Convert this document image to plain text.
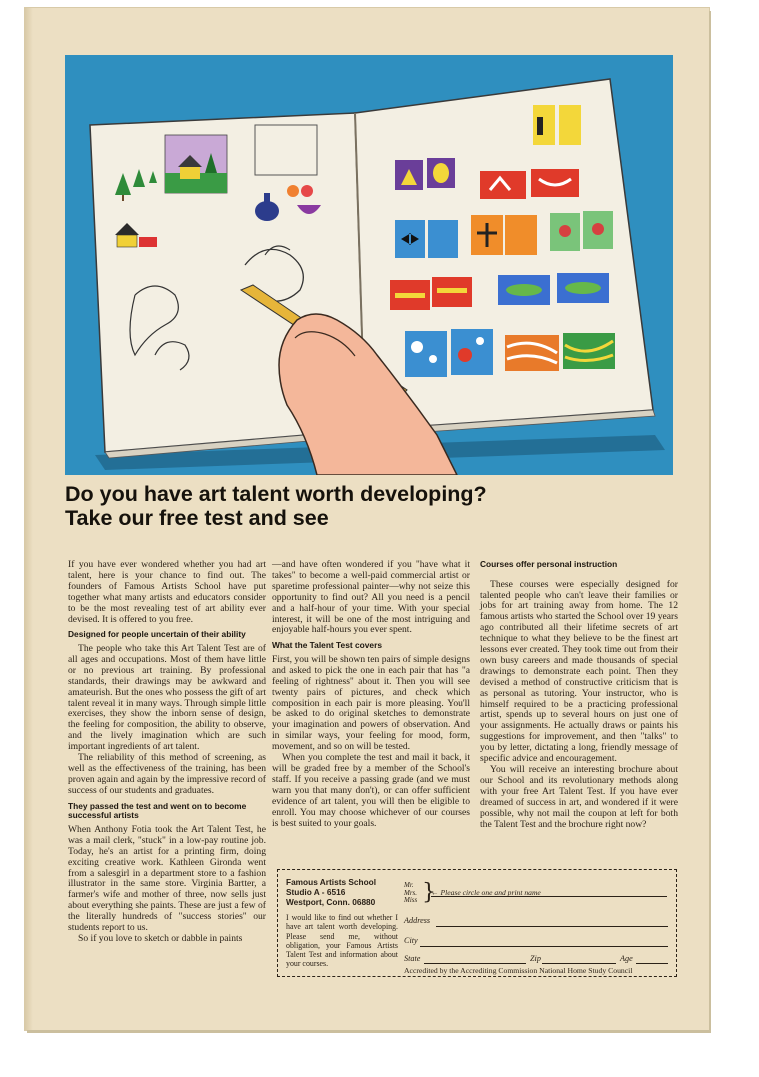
Do you have art talent worth developing?
Take our free test and see

If you have ever wondered whether you had art talent, here is your chance to find out. The founders of Famous Artists School have put together what many artists and educators consider to be the most revealing test of art ability ever devised. It is offered to you free.

Designed for people uncertain of their ability

The people who take this Art Talent Test are of all ages and occupations. Most of them have little or no previous art training. By professional standards, their drawings may be awkward and amateurish. But the ones who possess the gift of art talent reveal it in many ways. Through simple little exercises, they show the inborn sense of design, the feeling for composition, the ability to observe, and the lively imagination which are such important ingredients of art talent.

The reliability of this method of screening, as well as the effectiveness of the training, has been proven again and again by the impressive record of success of our students and graduates.

They passed the test and went on to become successful artists

When Anthony Fotia took the Art Talent Test, he was a mail clerk, "stuck" in a low-pay routine job. Today, he's an artist for a printing firm, doing exciting creative work. Kathleen Gironda went from a salesgirl in a department store to a fashion illustrator in the same store. Virginia Bartter, a farmer's wife and mother of three, now sells just about everything she paints. These are just a few of the literally hundreds of "success stories" our students report to us.

So if you love to sketch or dabble in paints

—and have often wondered if you "have what it takes" to become a well-paid commercial artist or sparetime professional painter—why not seize this opportunity to find out? All you need is a pencil and a half-hour of your time. With your special interest, it will be one of the most intriguing and enjoyable half-hours you ever spent.

What the Talent Test covers

First, you will be shown ten pairs of simple designs and asked to pick the one in each pair that has "a feeling of rightness" about it. Then you will see twenty pairs of pictures, and check which composition in each pair is more pleasing. You'll be asked to do original sketches to demonstrate your imagination and powers of observation. And in similar ways, your feeling for mood, form, movement, and so on will be tested.

When you complete the test and mail it back, it will be graded free by a member of the School's staff. If you receive a passing grade (and we must warn you that many don't), or can offer sufficient evidence of art talent, you will then be eligible to enroll. You may choose whichever of our courses is best suited to your goals.

Courses offer personal instruction

These courses were especially designed for talented people who can't leave their families or jobs for art training away from home. The 12 famous artists who started the School over 19 years ago contributed all their lifetime secrets of art technique to what they believe to be the finest art lessons ever created. They took time out from their own busy careers and made thousands of special drawings to demonstrate each point. Then they devised a method of constructive criticism that is as personal as tutoring. Your instructor, who is himself required to be a practicing professional artist, spends up to several hours on just one of your assignments. He actually draws or paints his suggestions for improvement, and then "talks" to you by letter, dictating a long, friendly message of specific advice and encouragement.

You will receive an interesting brochure about our School and its revolutionary methods along with your free Art Talent Test. If you have ever dreamed of success in art, and wondered if it were possible, why not mail the coupon at left for both the Talent Test and the brochure right now?

Famous Artists School
Studio A - 6516
Westport, Conn. 06880
I would like to find out whether I have art talent worth developing. Please send me, without obligation, your Famous Artists Talent Test and information about your courses.
Mr.
Mrs.
Miss }
← Please circle one and print name
Address
City
State	Zip	Age
Accredited by the Accrediting Commission National Home Study Council
